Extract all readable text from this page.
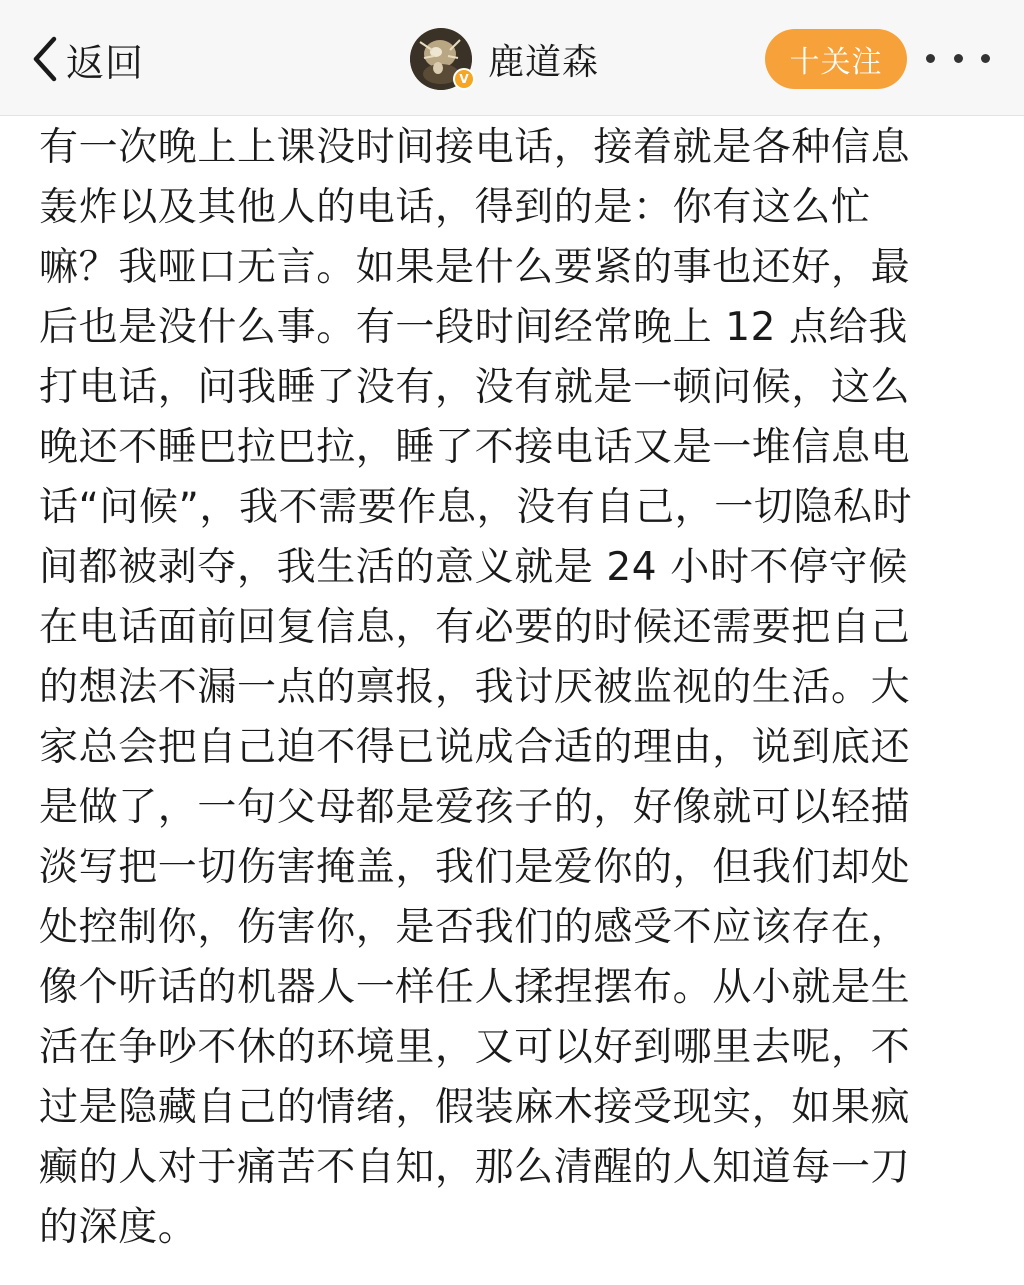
返回	鹿道森
V	十关注
有一次晚上上课没时间接电话，接着就是各种信息
轰炸以及其他人的电话，得到的是：你有这么忙
嘛？我哑口无言。如果是什么要紧的事也还好，最
后也是没什么事。有一段时间经常晚上 12 点给我
打电话，问我睡了没有，没有就是一顿问候，这么
晚还不睡巴拉巴拉，睡了不接电话又是一堆信息电
话“问候”，我不需要作息，没有自己，一切隐私时
间都被剥夺，我生活的意义就是 24 小时不停守候
在电话面前回复信息，有必要的时候还需要把自己
的想法不漏一点的禀报，我讨厌被监视的生活。大
家总会把自己迫不得已说成合适的理由，说到底还
是做了，一句父母都是爱孩子的，好像就可以轻描
淡写把一切伤害掩盖，我们是爱你的，但我们却处
处控制你，伤害你，是否我们的感受不应该存在，
像个听话的机器人一样任人揉捏摆布。从小就是生
活在争吵不休的环境里，又可以好到哪里去呢，不
过是隐藏自己的情绪，假装麻木接受现实，如果疯
癫的人对于痛苦不自知，那么清醒的人知道每一刀
的深度。
